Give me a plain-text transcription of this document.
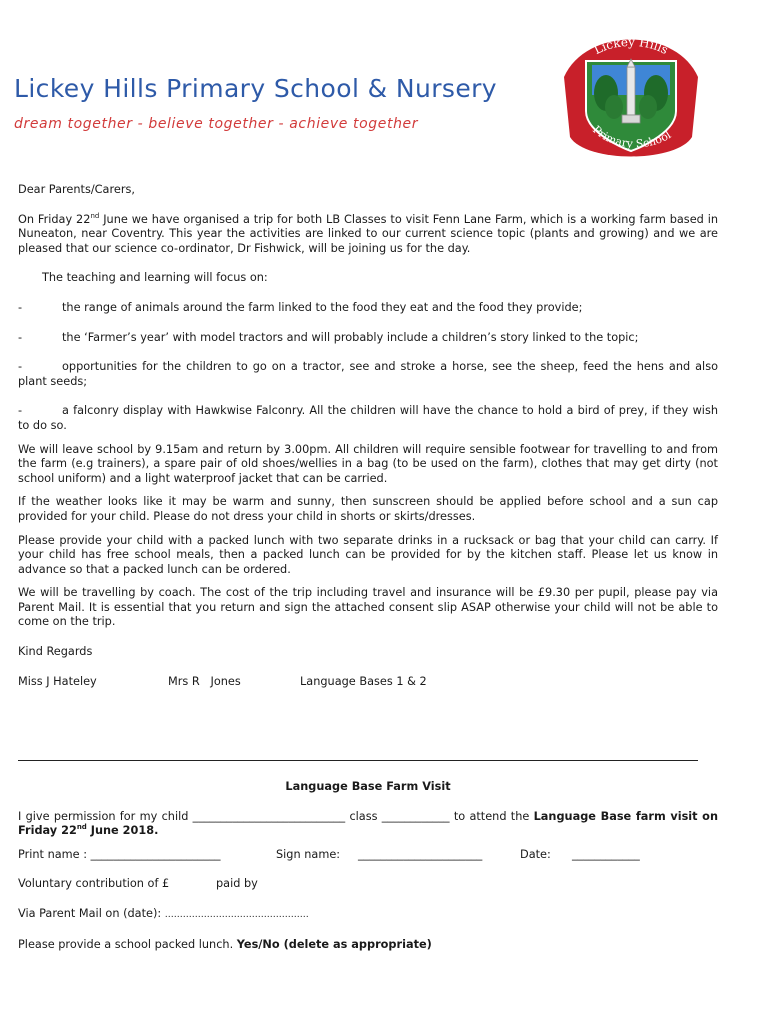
Lickey Hills Primary School & Nursery
dream together - believe together - achieve together
Lickey Hills
Primary School

Dear Parents/Carers,

On Friday 22nd June we have organised a trip for both LB Classes to visit Fenn Lane Farm, which is a working farm based in Nuneaton, near Coventry. This year the activities are linked to our current science topic (plants and growing) and we are pleased that our science co-ordinator, Dr Fishwick, will be joining us for the day.

The teaching and learning will focus on:

-	the range of animals around the farm linked to the food they eat and the food they provide;

-	the ‘Farmer’s year’ with model tractors and will probably include a children’s story linked to the topic;

-	opportunities for the children to go on a tractor, see and stroke a horse, see the sheep, feed the hens and also plant seeds;

-	a falconry display with Hawkwise Falconry. All the children will have the chance to hold a bird of prey, if they wish to do so.

We will leave school by 9.15am and return by 3.00pm. All children will require sensible footwear for travelling to and from the farm (e.g trainers), a spare pair of old shoes/wellies in a bag (to be used on the farm), clothes that may get dirty (not school uniform) and a light waterproof jacket that can be carried.

If the weather looks like it may be warm and sunny, then sunscreen should be applied before school and a sun cap provided for your child. Please do not dress your child in shorts or skirts/dresses.

Please provide your child with a packed lunch with two separate drinks in a rucksack or bag that your child can carry. If your child has free school meals, then a packed lunch can be provided for by the kitchen staff. Please let us know in advance so that a packed lunch can be ordered.

We will be travelling by coach. The cost of the trip including travel and insurance will be £9.30 per pupil, please pay via Parent Mail. It is essential that you return and sign the attached consent slip ASAP otherwise your child will not be able to come on the trip.

Kind Regards

Miss J Hateley	Mrs R   Jones	Language Bases 1 & 2

Language Base Farm Visit

I give permission for my child ___________________________ class ____________ to attend the Language Base farm visit on Friday 22nd June 2018.

Print name : _______________________	Sign name:	______________________	Date:	____________
Voluntary contribution of £	paid by

Via Parent Mail on (date): …………………………………………

Please provide a school packed lunch. Yes/No (delete as appropriate)
